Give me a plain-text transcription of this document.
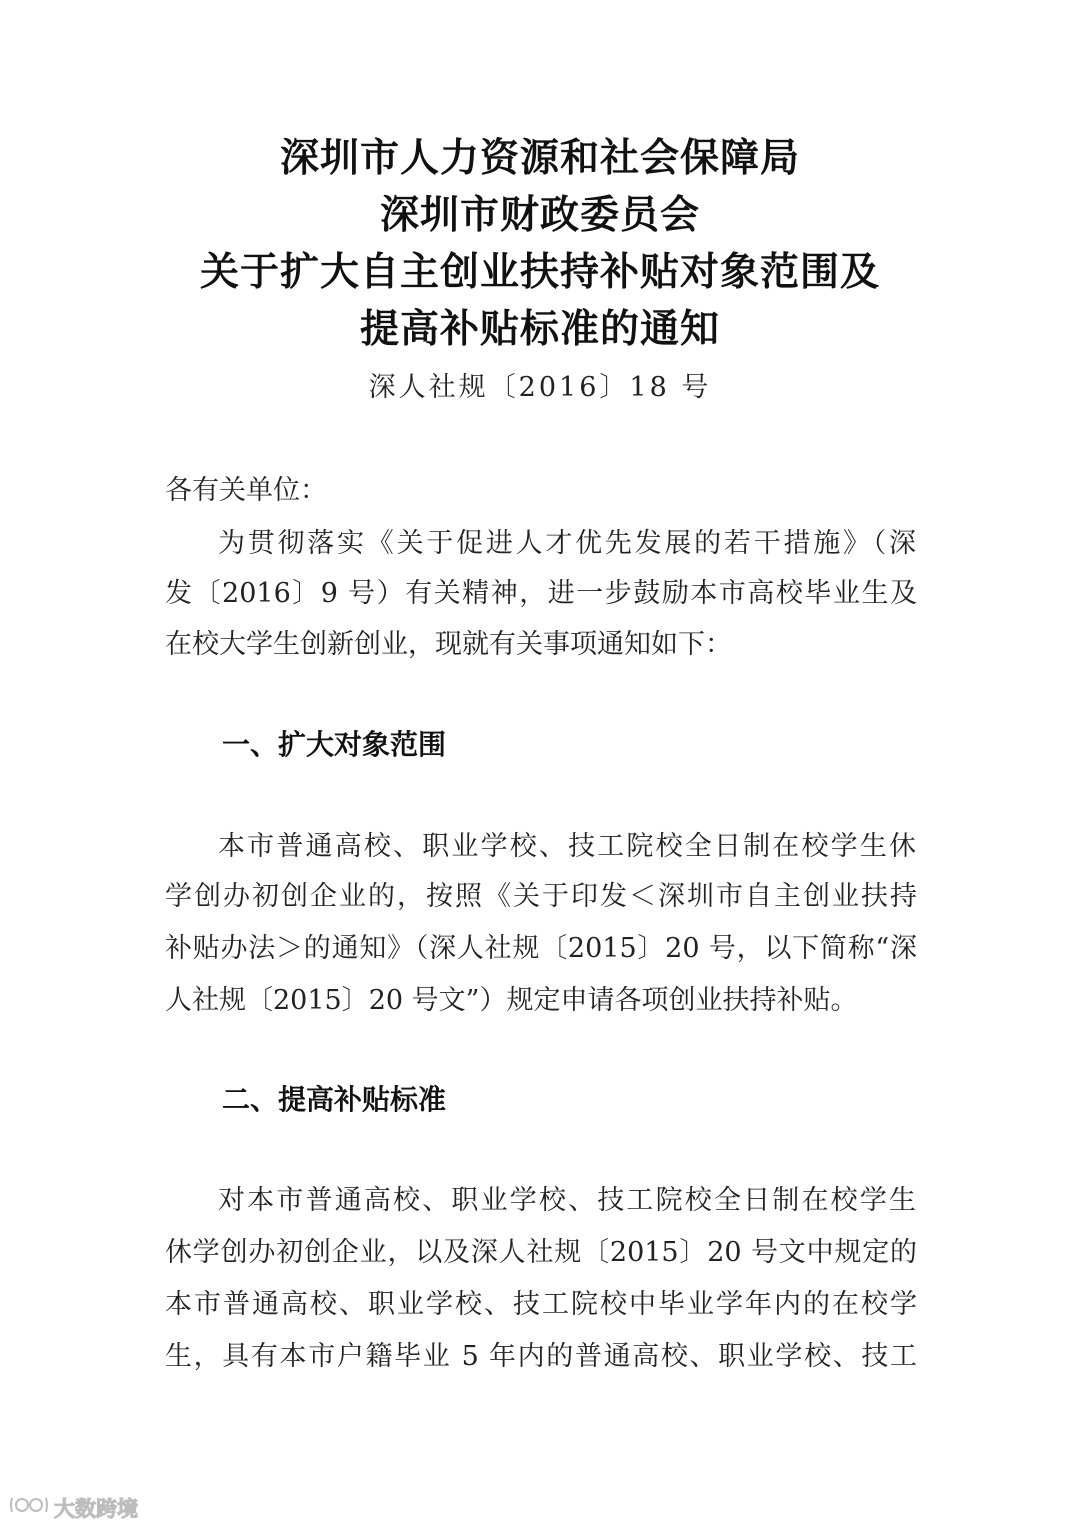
深圳市人力资源和社会保障局
深圳市财政委员会
关于扩大自主创业扶持补贴对象范围及
提高补贴标准的通知
深人社规〔2016〕18 号
各有关单位：
为贯彻落实《关于促进人才优先发展的若干措施》（深
发〔2016〕9 号）有关精神，进一步鼓励本市高校毕业生及
在校大学生创新创业，现就有关事项通知如下：
一、扩大对象范围
本市普通高校、职业学校、技工院校全日制在校学生休
学创办初创企业的，按照《关于印发＜深圳市自主创业扶持
补贴办法＞的通知》（深人社规〔2015〕20 号，以下简称“深
人社规〔2015〕20 号文”）规定申请各项创业扶持补贴。
二、提高补贴标准
对本市普通高校、职业学校、技工院校全日制在校学生
休学创办初创企业，以及深人社规〔2015〕20 号文中规定的
本市普通高校、职业学校、技工院校中毕业学年内的在校学
生，具有本市户籍毕业 5 年内的普通高校、职业学校、技工
大数跨境
